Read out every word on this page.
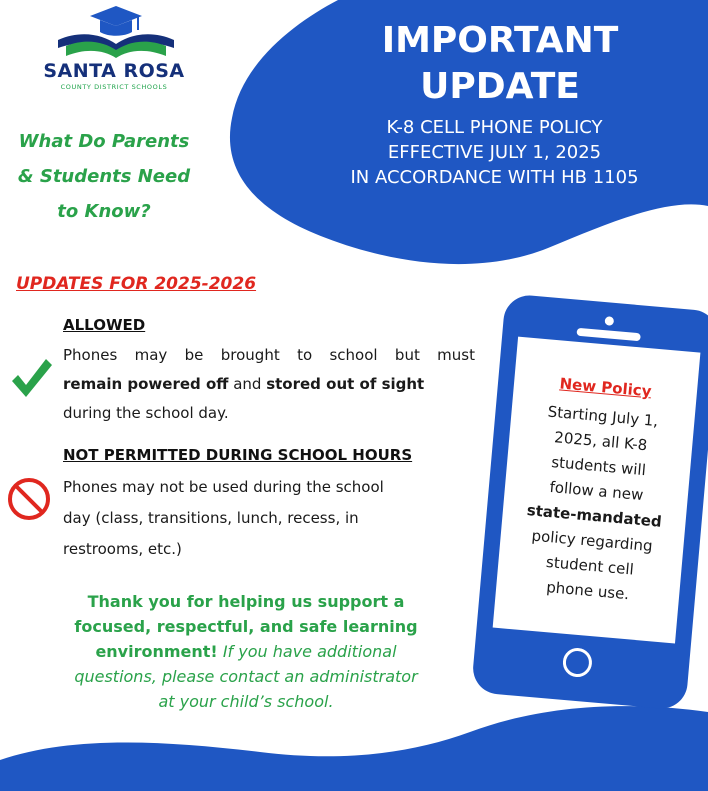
SANTA ROSA
COUNTY DISTRICT SCHOOLS
What Do Parents
& Students Need
to Know?
IMPORTANT
UPDATE
K-8 CELL PHONE POLICY
EFFECTIVE JULY 1, 2025
IN ACCORDANCE WITH HB 1105
UPDATES FOR 2025-2026
ALLOWED
Phones may be brought to school but must
remain powered off and stored out of sight
during the school day.
NOT PERMITTED DURING SCHOOL HOURS
Phones may not be used during the school
day (class, transitions, lunch, recess, in
restrooms, etc.)
Thank you for helping us support a
focused, respectful, and safe learning
environment! If you have additional
questions, please contact an administrator
at your child’s school.
New Policy
Starting July 1,
2025, all K-8
students will
follow a new
state-mandated
policy regarding
student cell
phone use.
